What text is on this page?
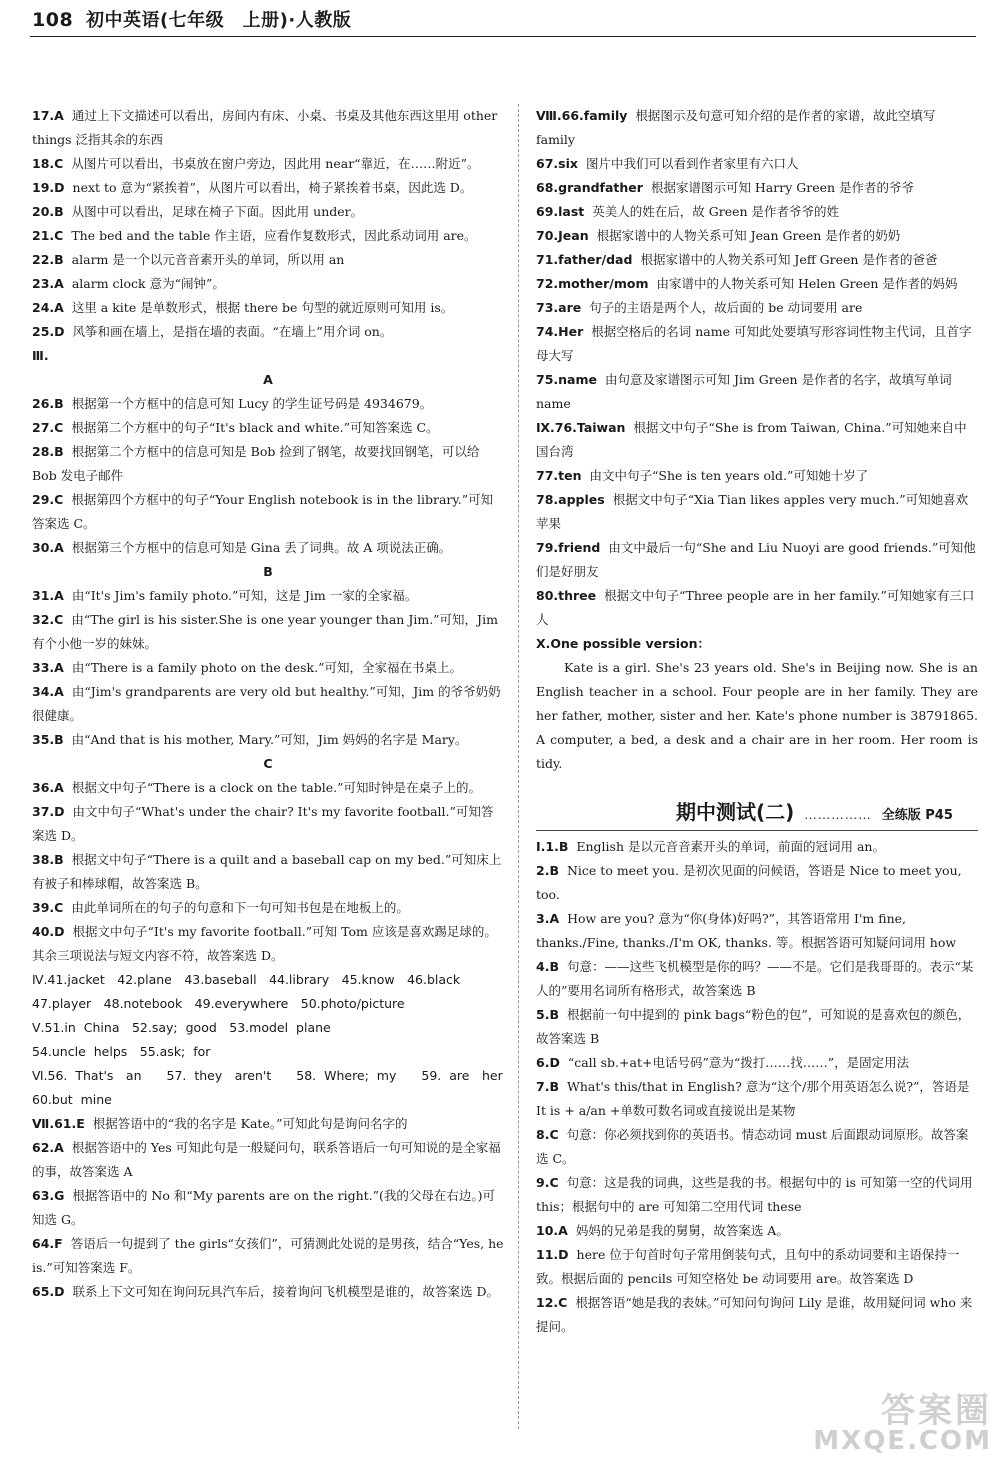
108 初中英语(七年级　上册)·人教版

17.A 通过上下文描述可以看出，房间内有床、小桌、书桌及其他东西这里用 other things 泛指其余的东西

18.C 从图片可以看出，书桌放在窗户旁边，因此用 near“靠近，在……附近”。

19.D next to 意为“紧挨着”，从图片可以看出，椅子紧挨着书桌，因此选 D。

20.B 从图中可以看出，足球在椅子下面。因此用 under。

21.C The bed and the table 作主语，应看作复数形式，因此系动词用 are。

22.B alarm 是一个以元音音素开头的单词，所以用 an

23.A alarm clock 意为“闹钟”。

24.A 这里 a kite 是单数形式，根据 there be 句型的就近原则可知用 is。

25.D 风筝和画在墙上，是指在墙的表面。“在墙上”用介词 on。

Ⅲ.
A

26.B 根据第一个方框中的信息可知 Lucy 的学生证号码是 4934679。

27.C 根据第二个方框中的句子“It's black and white.”可知答案选 C。

28.B 根据第二个方框中的信息可知是 Bob 捡到了钢笔，故要找回钢笔，可以给 Bob 发电子邮件

29.C 根据第四个方框中的句子“Your English notebook is in the library.”可知答案选 C。

30.A 根据第三个方框中的信息可知是 Gina 丢了词典。故 A 项说法正确。

B

31.A 由“It's Jim's family photo.”可知，这是 Jim 一家的全家福。

32.C 由“The girl is his sister.She is one year younger than Jim.”可知，Jim 有个小他一岁的妹妹。

33.A 由“There is a family photo on the desk.”可知，全家福在书桌上。

34.A 由“Jim's grandparents are very old but healthy.”可知，Jim 的爷爷奶奶很健康。

35.B 由“And that is his mother, Mary.”可知，Jim 妈妈的名字是 Mary。

C

36.A 根据文中句子“There is a clock on the table.”可知时钟是在桌子上的。

37.D 由文中句子“What's under the chair? It's my favorite football.”可知答案选 D。

38.B 根据文中句子“There is a quilt and a baseball cap on my bed.”可知床上有被子和棒球帽，故答案选 B。

39.C 由此单词所在的句子的句意和下一句可知书包是在地板上的。

40.D 根据文中句子“It's my favorite football.”可知 Tom 应该是喜欢踢足球的。其余三项说法与短文内容不符，故答案选 D。

Ⅳ.41.jacket　42.plane　43.baseball　44.library　45.know　46.black
47.player　48.notebook　49.everywhere　50.photo/picture
Ⅴ.51.in China　52.say; good　53.model plane
54.uncle helps　55.ask; for
Ⅵ.56. That's　an　　57. they　aren't　　58. Where; my　　59. are　her
60.but mine

Ⅶ.61.E 根据答语中的“我的名字是 Kate。”可知此句是询问名字的

62.A 根据答语中的 Yes 可知此句是一般疑问句，联系答语后一句可知说的是全家福的事，故答案选 A

63.G 根据答语中的 No 和“My parents are on the right.”(我的父母在右边。)可知选 G。

64.F 答语后一句提到了 the girls“女孩们”，可猜测此处说的是男孩，结合“Yes, he is.”可知答案选 F。

65.D 联系上下文可知在询问玩具汽车后，接着询问飞机模型是谁的，故答案选 D。

Ⅷ.66.family 根据图示及句意可知介绍的是作者的家谱，故此空填写 family

67.six 图片中我们可以看到作者家里有六口人

68.grandfather 根据家谱图示可知 Harry Green 是作者的爷爷

69.last 英美人的姓在后，故 Green 是作者爷爷的姓

70.Jean 根据家谱中的人物关系可知 Jean Green 是作者的奶奶

71.father/dad 根据家谱中的人物关系可知 Jeff Green 是作者的爸爸

72.mother/mom 由家谱中的人物关系可知 Helen Green 是作者的妈妈

73.are 句子的主语是两个人，故后面的 be 动词要用 are

74.Her 根据空格后的名词 name 可知此处要填写形容词性物主代词，且首字母大写

75.name 由句意及家谱图示可知 Jim Green 是作者的名字，故填写单词 name

Ⅸ.76.Taiwan 根据文中句子“She is from Taiwan, China.”可知她来自中国台湾

77.ten 由文中句子“She is ten years old.”可知她十岁了

78.apples 根据文中句子“Xia Tian likes apples very much.”可知她喜欢苹果

79.friend 由文中最后一句“She and Liu Nuoyi are good friends.”可知他们是好朋友

80.three 根据文中句子“Three people are in her family.”可知她家有三口人

Ⅹ.One possible version：

Kate is a girl. She's 23 years old. She's in Beijing now. She is an English teacher in a school. Four people are in her family. They are her father, mother, sister and her. Kate's phone number is 38791865. A computer, a bed, a desk and a chair are in her room. Her room is tidy.

期中测试(二) …………… 全练版 P45

Ⅰ.1.B English 是以元音音素开头的单词，前面的冠词用 an。

2.B Nice to meet you. 是初次见面的问候语，答语是 Nice to meet you, too.

3.A How are you? 意为“你(身体)好吗?”，其答语常用 I'm fine, thanks./Fine, thanks./I'm OK, thanks. 等。根据答语可知疑问词用 how

4.B 句意：——这些飞机模型是你的吗？——不是。它们是我哥哥的。表示“某人的”要用名词所有格形式，故答案选 B

5.B 根据前一句中提到的 pink bags“粉色的包”，可知说的是喜欢包的颜色，故答案选 B

6.D “call sb.+at+电话号码”意为“拨打……找……”，是固定用法

7.B What's this/that in English? 意为“这个/那个用英语怎么说?”，答语是 It is + a/an +单数可数名词或直接说出是某物

8.C 句意：你必须找到你的英语书。情态动词 must 后面跟动词原形。故答案选 C。

9.C 句意：这是我的词典，这些是我的书。根据句中的 is 可知第一空的代词用 this；根据句中的 are 可知第二空用代词 these

10.A 妈妈的兄弟是我的舅舅，故答案选 A。

11.D here 位于句首时句子常用倒装句式，且句中的系动词要和主语保持一致。根据后面的 pencils 可知空格处 be 动词要用 are。故答案选 D

12.C 根据答语“她是我的表妹。”可知问句询问 Lily 是谁，故用疑问词 who 来提问。

答案圈
MXQE.COM
